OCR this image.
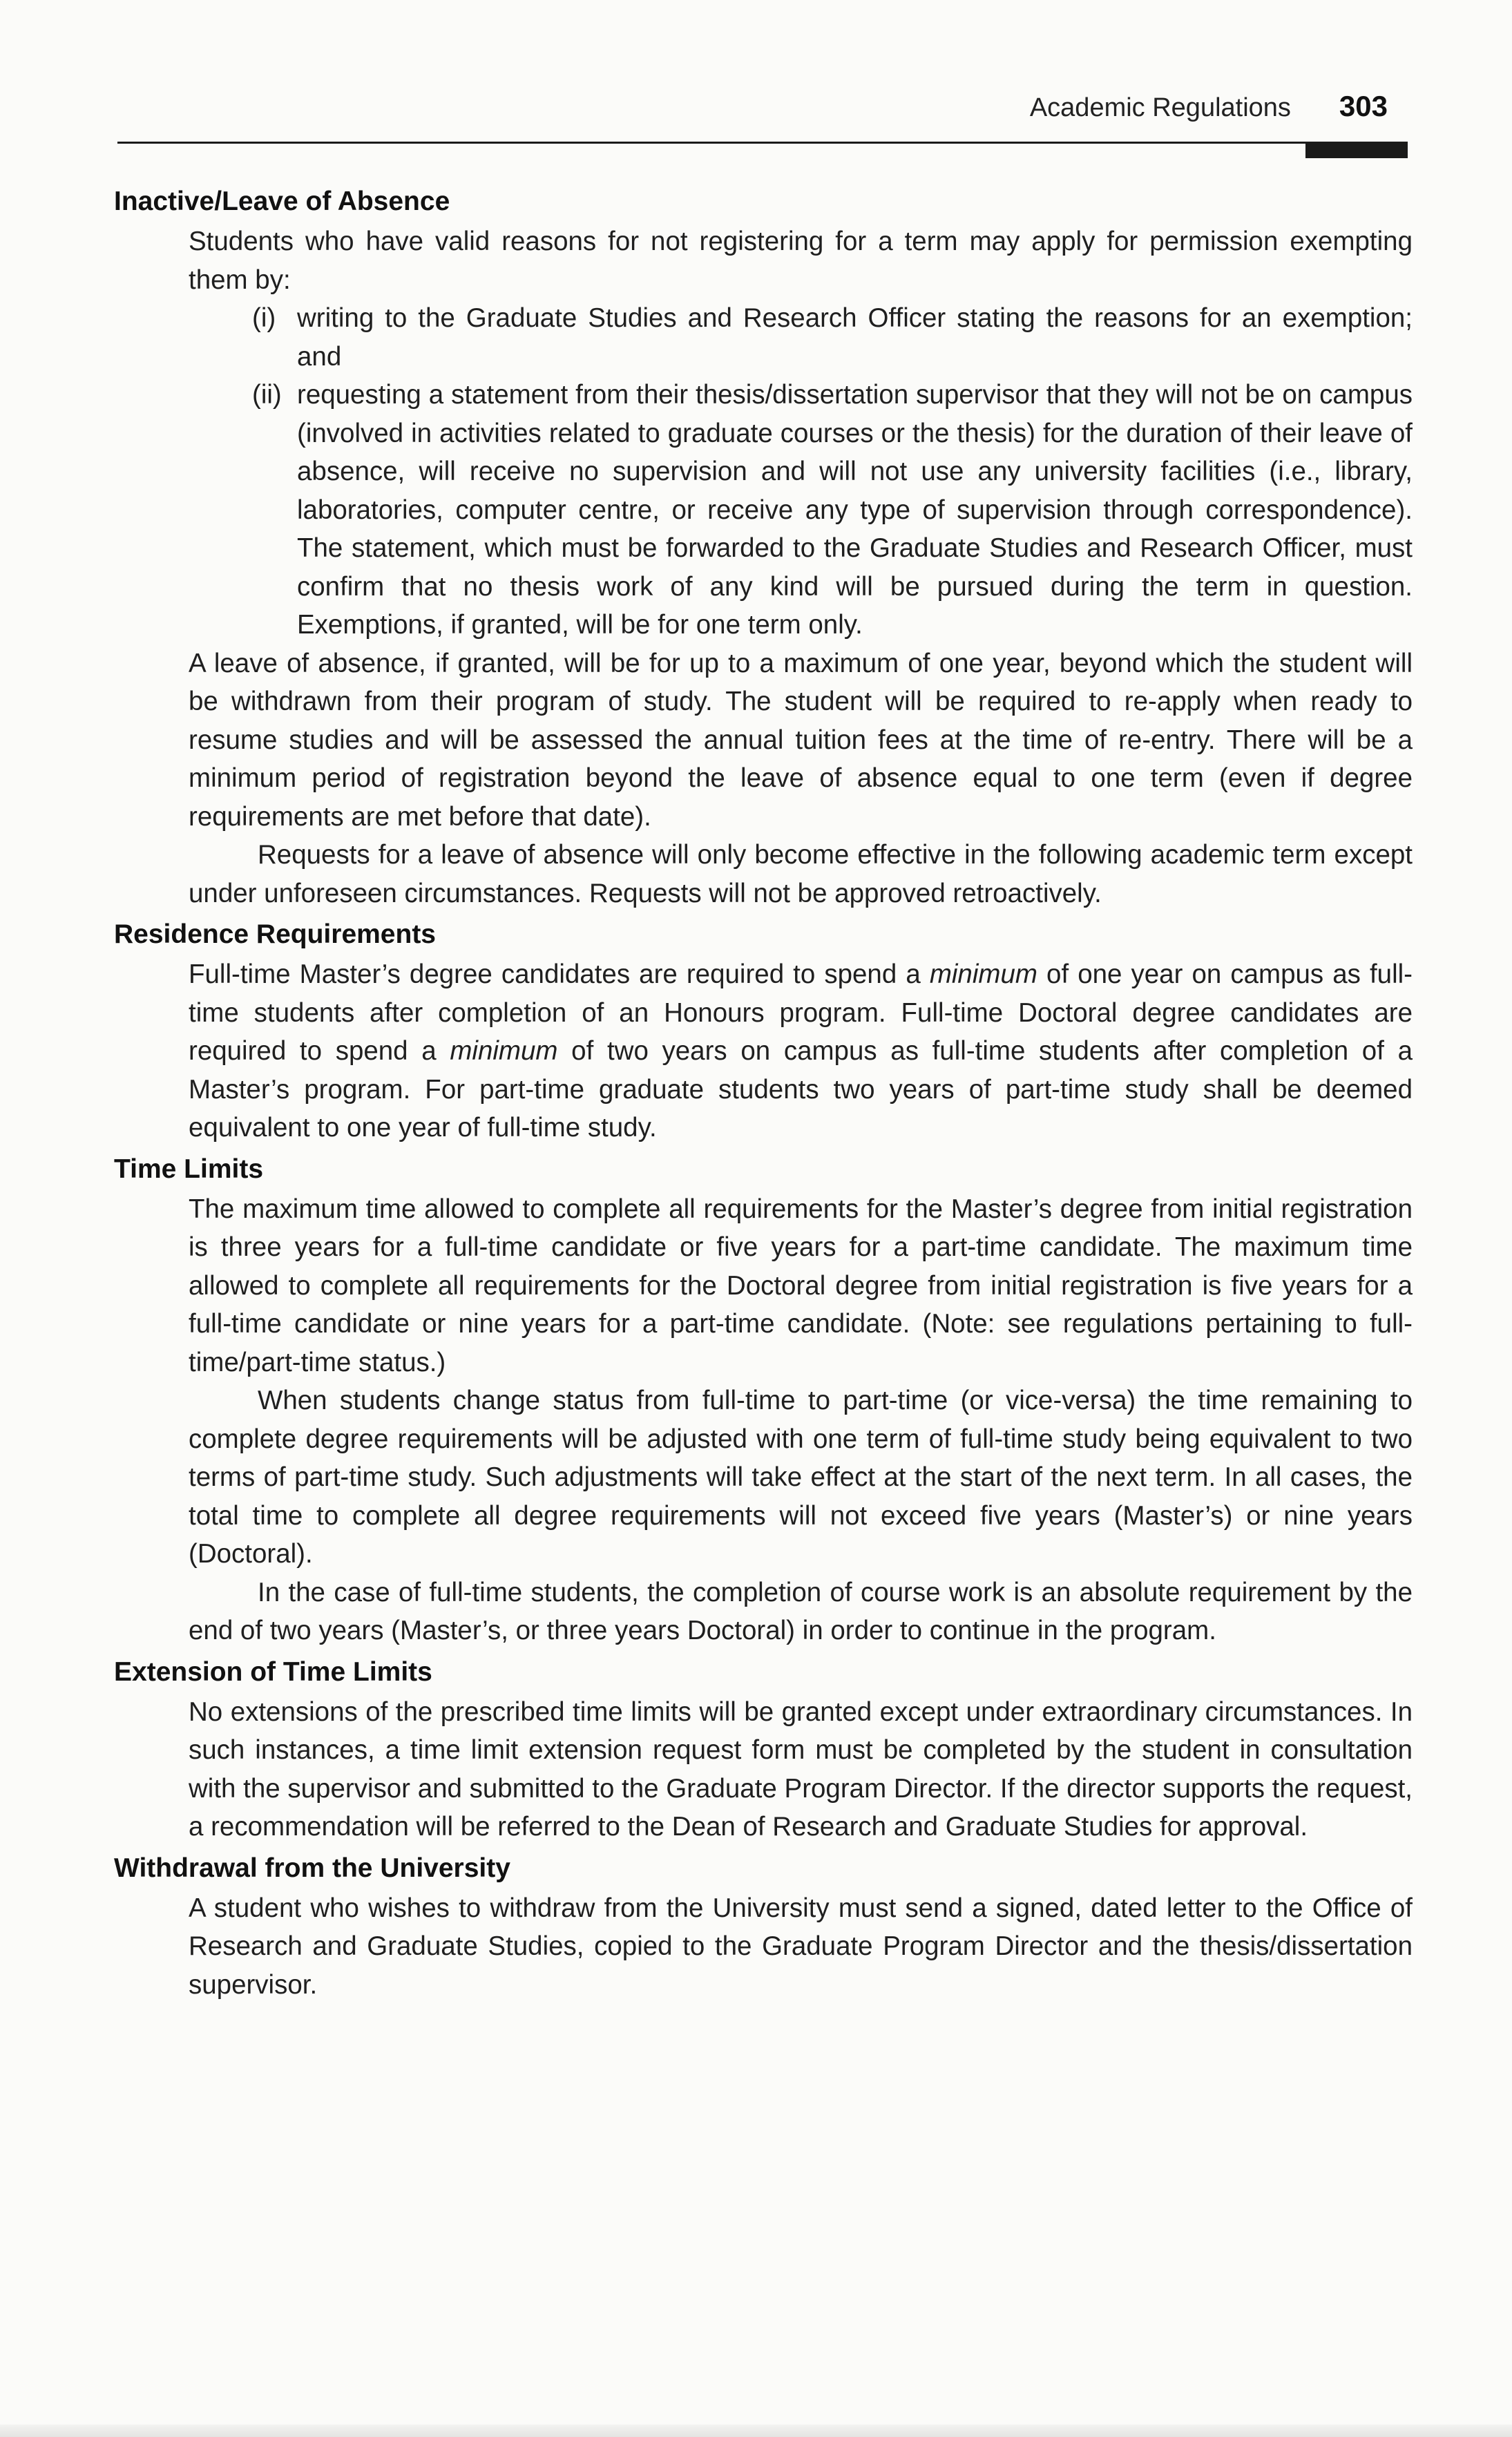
Academic Regulations 303
Inactive/Leave of Absence

Students who have valid reasons for not registering for a term may apply for permission exempting them by:

(i) writing to the Graduate Studies and Research Officer stating the reasons for an exemption; and

(ii) requesting a statement from their thesis/dissertation supervisor that they will not be on campus (involved in activities related to graduate courses or the thesis) for the duration of their leave of absence, will receive no supervision and will not use any university facilities (i.e., library, laboratories, computer centre, or receive any type of supervision through correspondence). The statement, which must be forwarded to the Graduate Studies and Research Officer, must confirm that no thesis work of any kind will be pursued during the term in question. Exemptions, if granted, will be for one term only.

A leave of absence, if granted, will be for up to a maximum of one year, beyond which the student will be withdrawn from their program of study. The student will be required to re-apply when ready to resume studies and will be assessed the annual tuition fees at the time of re-entry. There will be a minimum period of registration beyond the leave of absence equal to one term (even if degree requirements are met before that date).

Requests for a leave of absence will only become effective in the following academic term except under unforeseen circumstances. Requests will not be approved retroactively.

Residence Requirements

Full-time Master’s degree candidates are required to spend a minimum of one year on campus as full-time students after completion of an Honours program. Full-time Doctoral degree candidates are required to spend a minimum of two years on campus as full-time students after completion of a Master’s program. For part-time graduate students two years of part-time study shall be deemed equivalent to one year of full-time study.

Time Limits

The maximum time allowed to complete all requirements for the Master’s degree from initial registration is three years for a full-time candidate or five years for a part-time candidate. The maximum time allowed to complete all requirements for the Doctoral degree from initial registration is five years for a full-time candidate or nine years for a part-time candidate. (Note: see regulations pertaining to full-time/part-time status.)

When students change status from full-time to part-time (or vice-versa) the time remaining to complete degree requirements will be adjusted with one term of full-time study being equivalent to two terms of part-time study. Such adjustments will take effect at the start of the next term. In all cases, the total time to complete all degree requirements will not exceed five years (Master’s) or nine years (Doctoral).

In the case of full-time students, the completion of course work is an absolute requirement by the end of two years (Master’s, or three years Doctoral) in order to continue in the program.

Extension of Time Limits

No extensions of the prescribed time limits will be granted except under extraordinary circumstances. In such instances, a time limit extension request form must be completed by the student in consultation with the supervisor and submitted to the Graduate Program Director. If the director supports the request, a recommendation will be referred to the Dean of Research and Graduate Studies for approval.

Withdrawal from the University

A student who wishes to withdraw from the University must send a signed, dated letter to the Office of Research and Graduate Studies, copied to the Graduate Program Director and the thesis/dissertation supervisor.
